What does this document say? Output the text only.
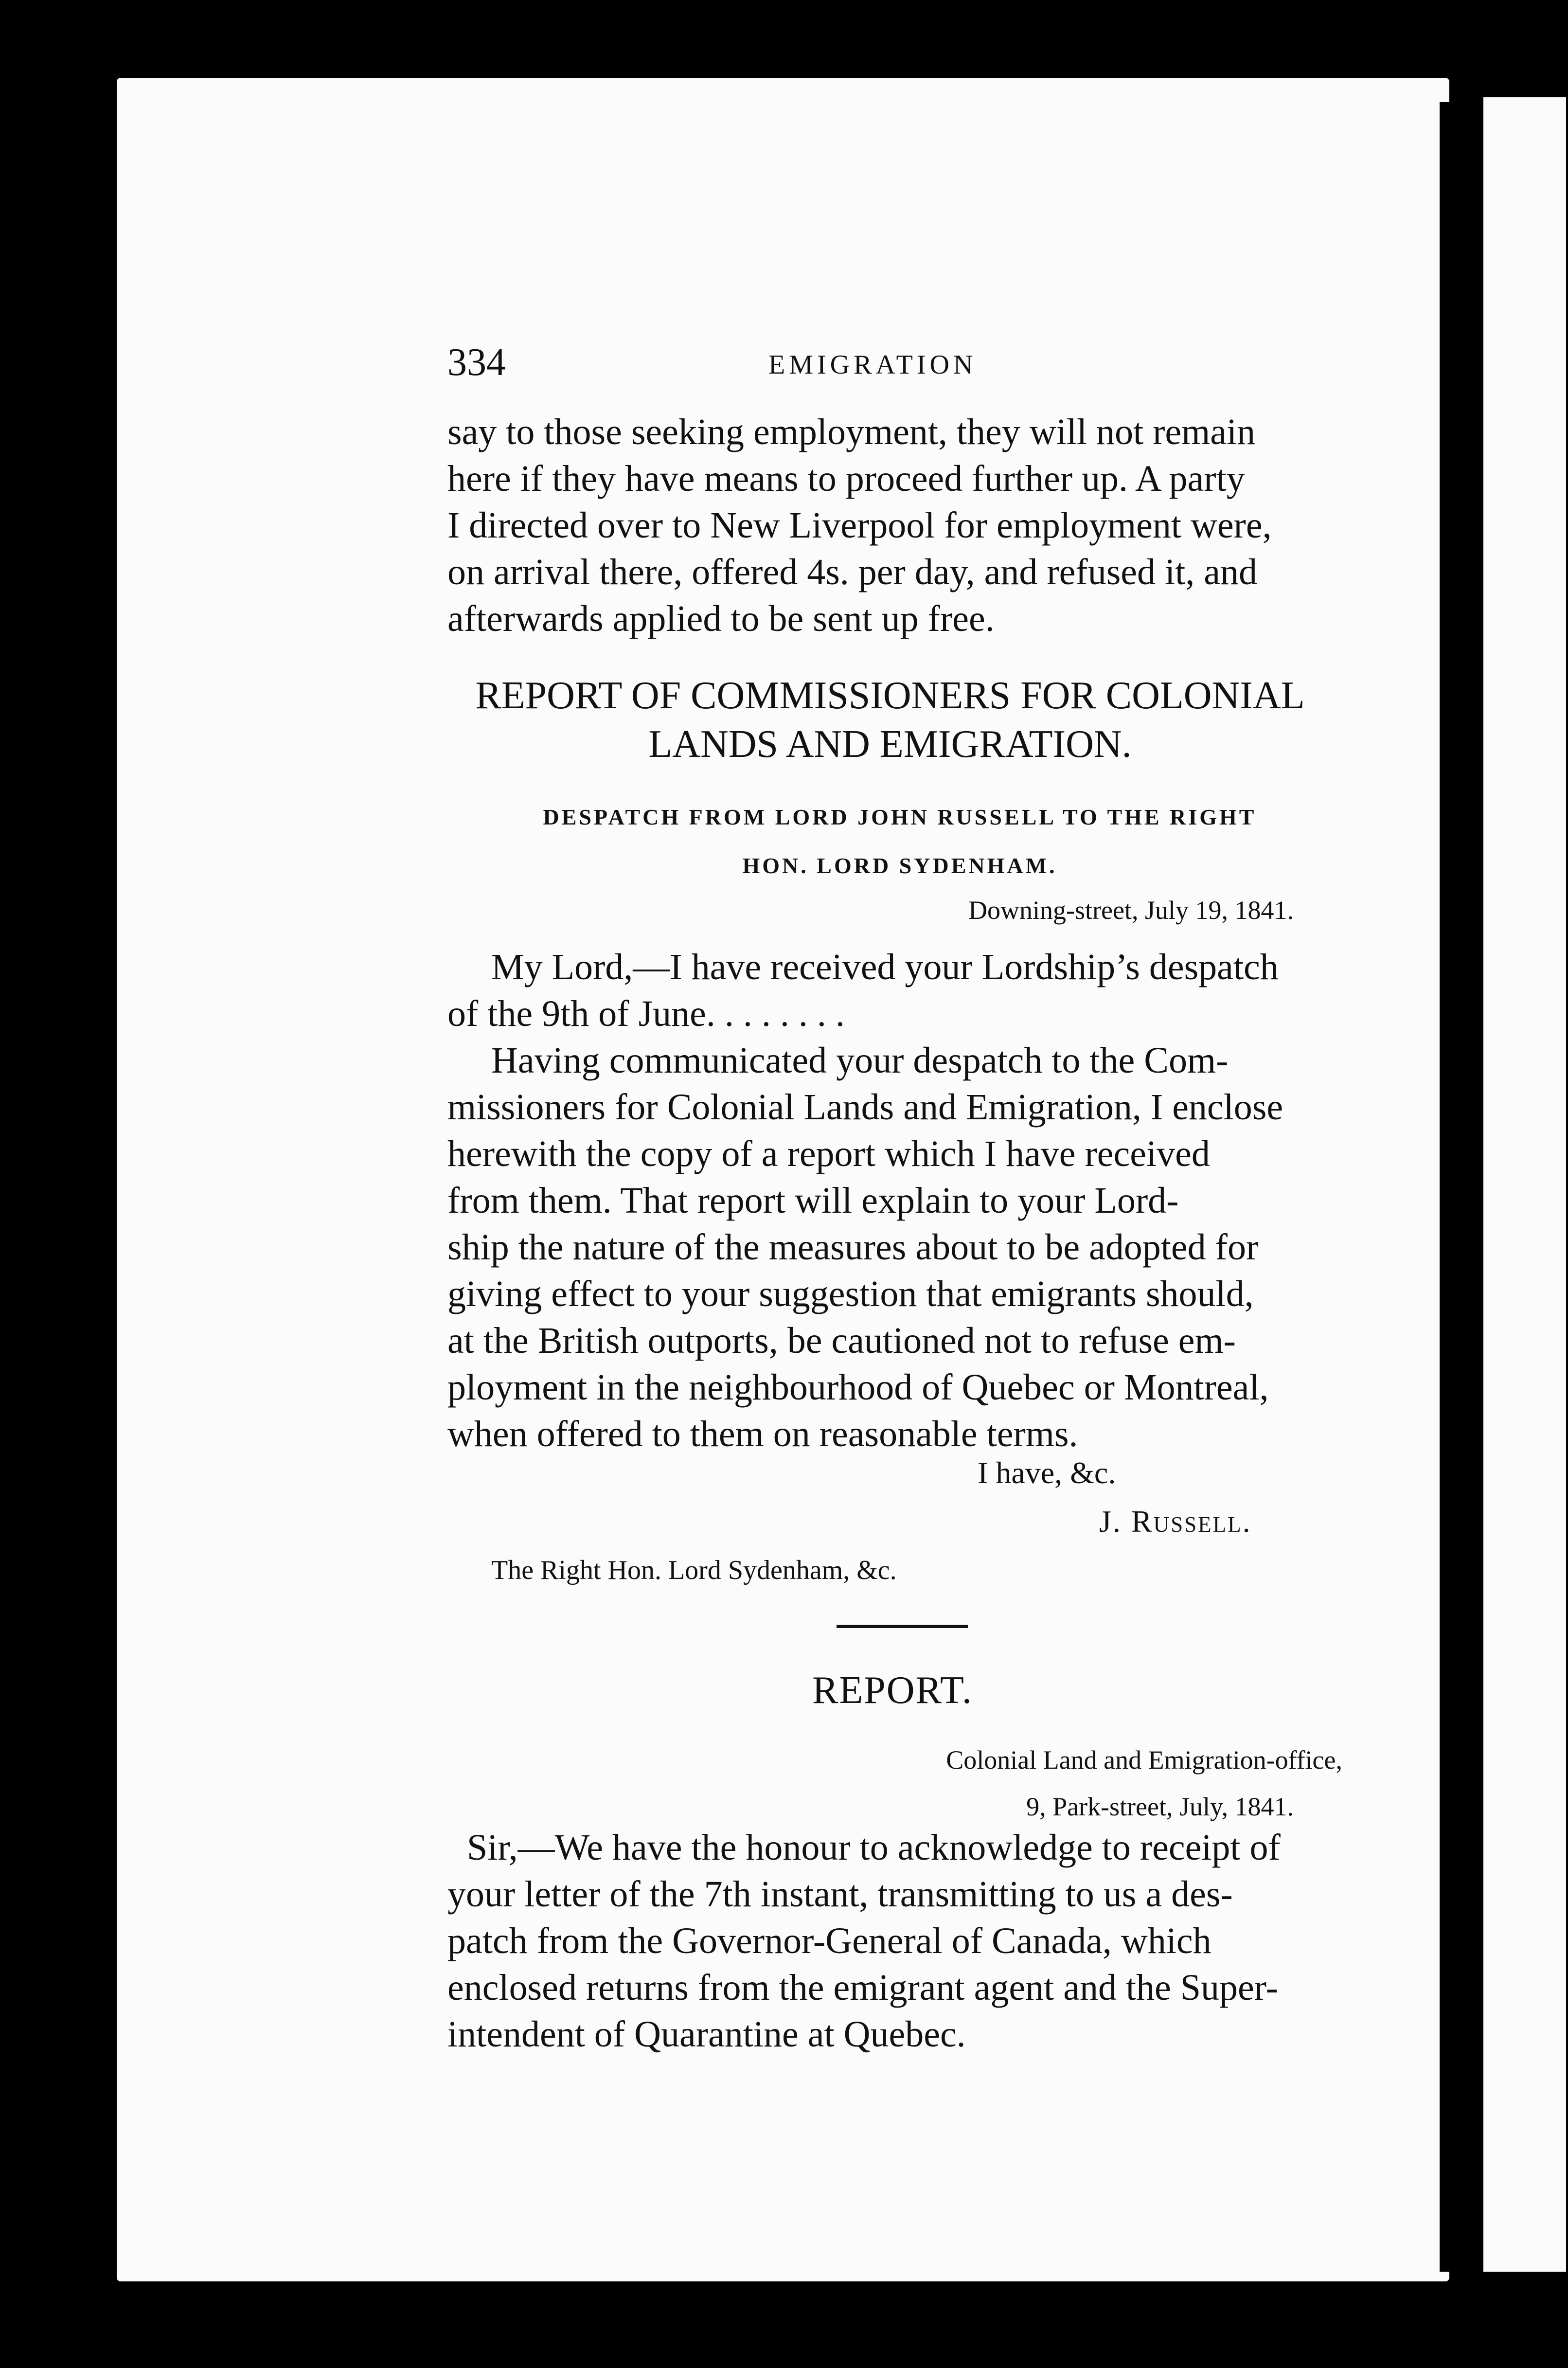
334	EMIGRATION
say to those seeking employment, they will not remain
here if they have means to proceed further up. A party
I directed over to New Liverpool for employment were,
on arrival there, offered 4s. per day, and refused it, and
afterwards applied to be sent up free.
REPORT OF COMMISSIONERS FOR COLONIAL
LANDS AND EMIGRATION.
DESPATCH FROM LORD JOHN RUSSELL TO THE RIGHT
HON. LORD SYDENHAM.
Downing-street, July 19, 1841.
My Lord,—I have received your Lordship’s despatch
of the 9th of June. . . . . . . .
Having communicated your despatch to the Com-
missioners for Colonial Lands and Emigration, I enclose
herewith the copy of a report which I have received
from them. That report will explain to your Lord-
ship the nature of the measures about to be adopted for
giving effect to your suggestion that emigrants should,
at the British outports, be cautioned not to refuse em-
ployment in the neighbourhood of Quebec or Montreal,
when offered to them on reasonable terms.
I have, &c.
J. Russell.
The Right Hon. Lord Sydenham, &c.
REPORT.
Colonial Land and Emigration-office,
9, Park-street, July, 1841.
Sir,—We have the honour to acknowledge to receipt of
your letter of the 7th instant, transmitting to us a des-
patch from the Governor-General of Canada, which
enclosed returns from the emigrant agent and the Super-
intendent of Quarantine at Quebec.
